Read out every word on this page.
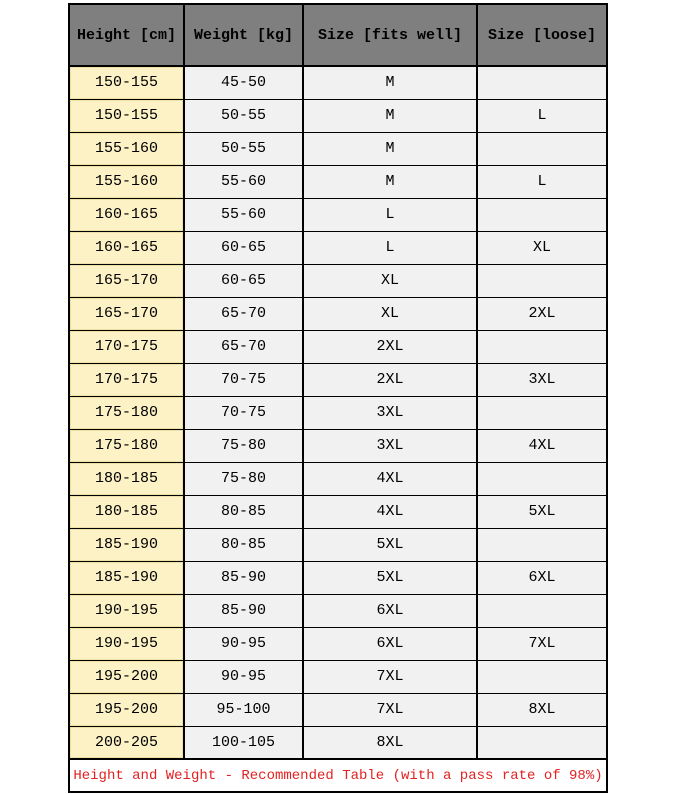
Height [cm]	Weight [kg]	Size [fits well]	Size [loose]
150-155	45-50	M	
150-155	50-55	M	L
155-160	50-55	M	
155-160	55-60	M	L
160-165	55-60	L	
160-165	60-65	L	XL
165-170	60-65	XL	
165-170	65-70	XL	2XL
170-175	65-70	2XL	
170-175	70-75	2XL	3XL
175-180	70-75	3XL	
175-180	75-80	3XL	4XL
180-185	75-80	4XL	
180-185	80-85	4XL	5XL
185-190	80-85	5XL	
185-190	85-90	5XL	6XL
190-195	85-90	6XL	
190-195	90-95	6XL	7XL
195-200	90-95	7XL	
195-200	95-100	7XL	8XL
200-205	100-105	8XL	
Height and Weight - Recommended Table (with a pass rate of 98%)			
